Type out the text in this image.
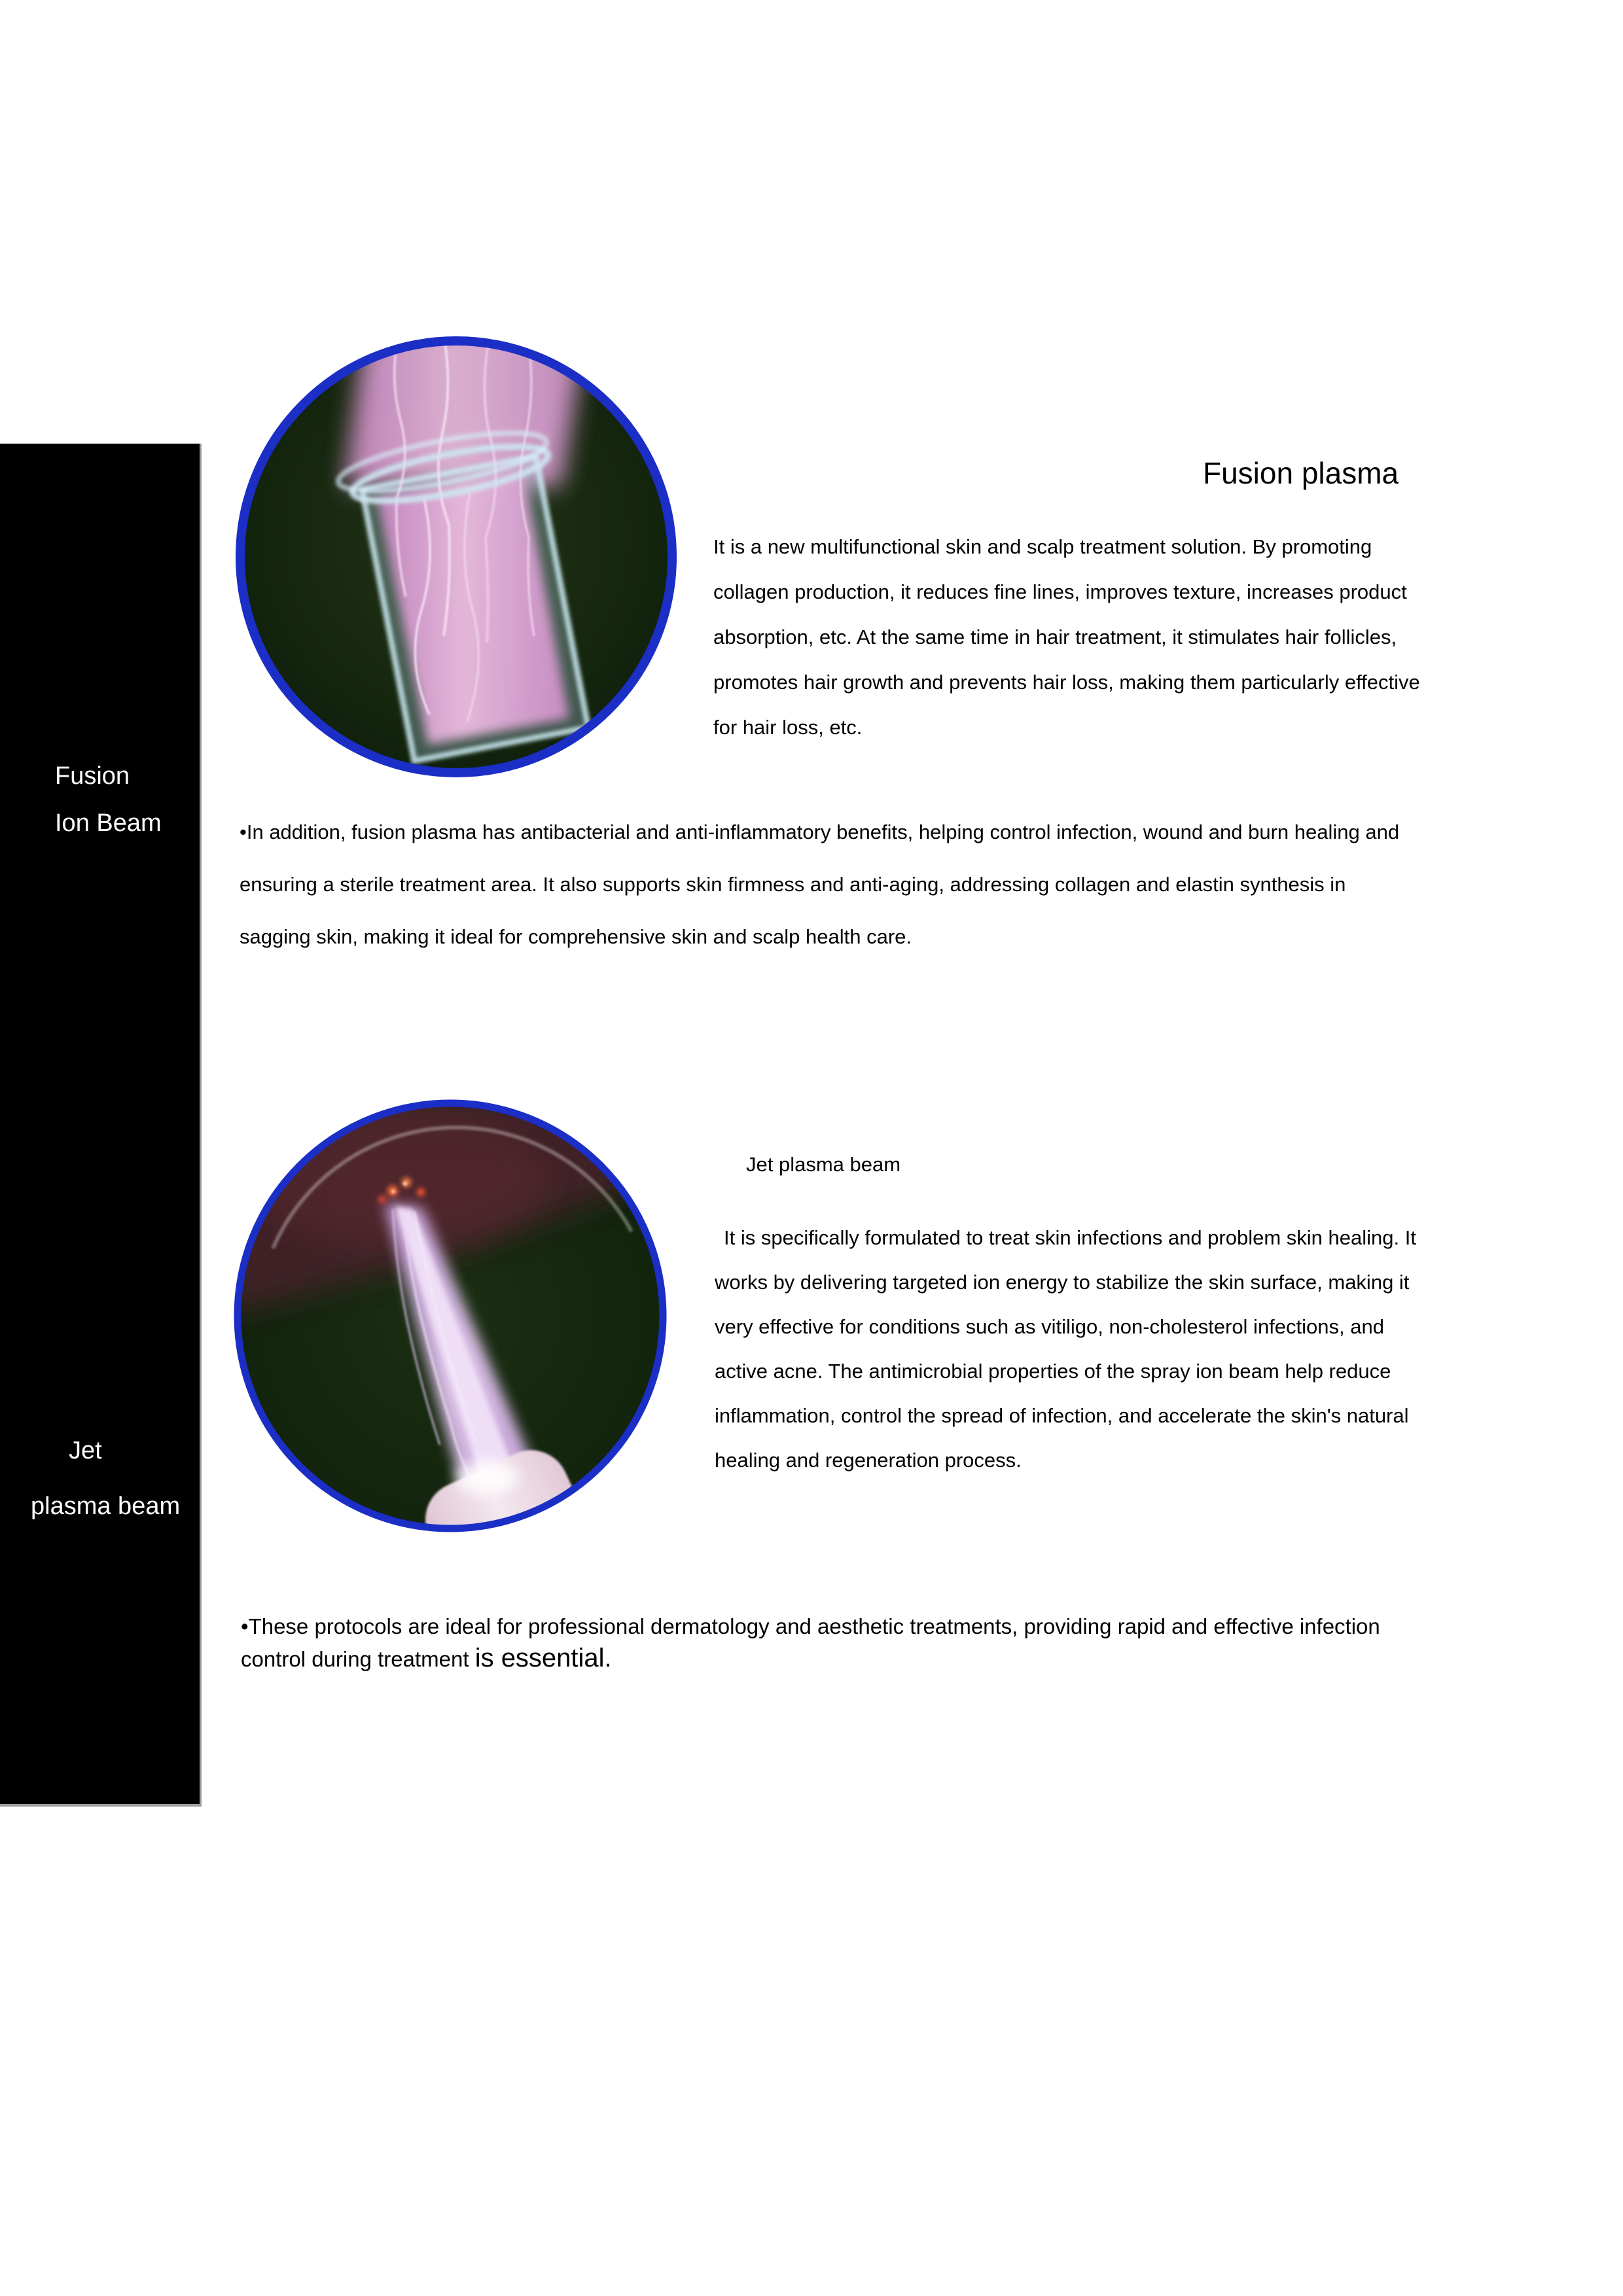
Fusion
Ion Beam
Jet
plasma beam
Fusion plasma
It is a new multifunctional skin and scalp treatment solution. By promoting collagen production, it reduces fine lines, improves texture, increases product absorption, etc. At the same time in hair treatment, it stimulates hair follicles, promotes hair growth and prevents hair loss, making them particularly effective for hair loss, etc.
•In addition, fusion plasma has antibacterial and anti-inflammatory benefits, helping control infection, wound and burn healing and ensuring a sterile treatment area. It also supports skin firmness and anti-aging, addressing collagen and elastin synthesis in sagging skin, making it ideal for comprehensive skin and scalp health care.
Jet plasma beam
It is specifically formulated to treat skin infections and problem skin healing. It works by delivering targeted ion energy to stabilize the skin surface, making it very effective for conditions such as vitiligo, non-cholesterol infections, and active acne. The antimicrobial properties of the spray ion beam help reduce inflammation, control the spread of infection, and accelerate the skin's natural healing and regeneration process.
•These protocols are ideal for professional dermatology and aesthetic treatments, providing rapid and effective infection control during treatment is essential.
